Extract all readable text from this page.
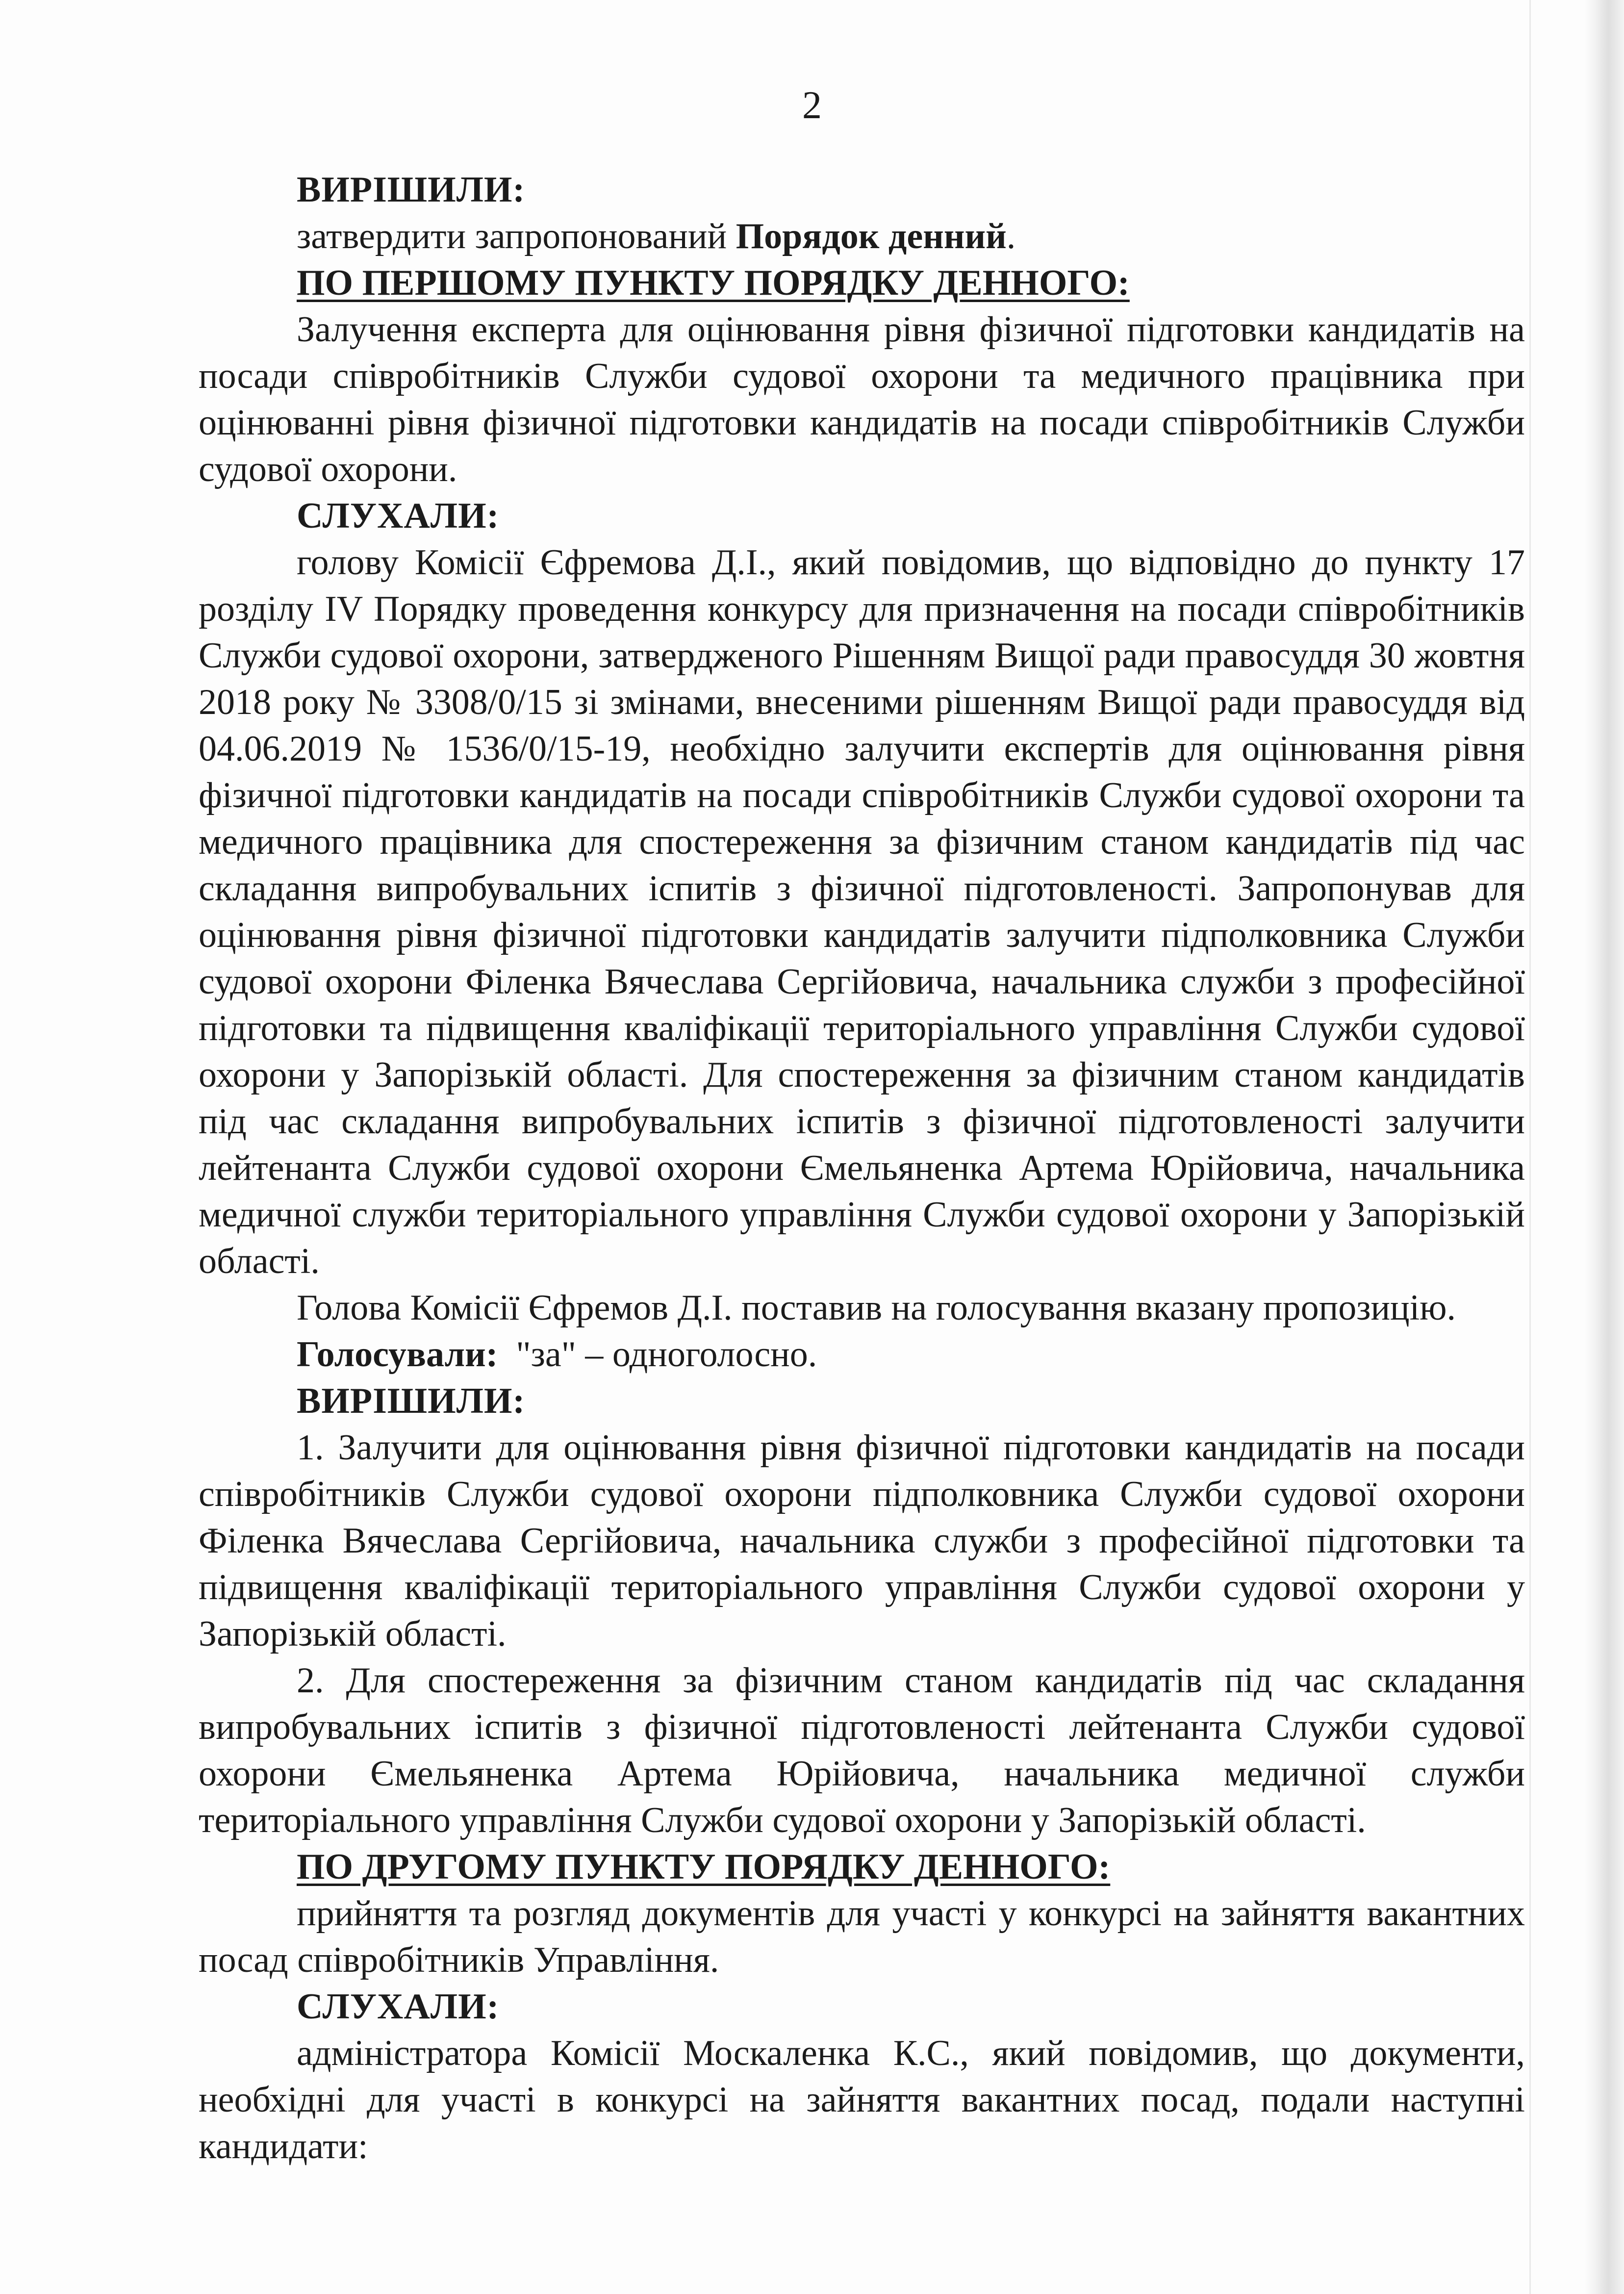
2

ВИРІШИЛИ:

затвердити запропонований Порядок денний.

ПО ПЕРШОМУ ПУНКТУ ПОРЯДКУ ДЕННОГО:

Залучення експерта для оцінювання рівня фізичної підготовки кандидатів на посади співробітників Служби судової охорони та медичного працівника при оцінюванні рівня фізичної підготовки кандидатів на посади співробітників Служби судової охорони.

СЛУХАЛИ:

голову Комісії Єфремова Д.І., який повідомив, що відповідно до пункту 17 розділу IV Порядку проведення конкурсу для призначення на посади співробітників Служби судової охорони, затвердженого Рішенням Вищої ради правосуддя 30 жовтня 2018 року № 3308/0/15 зі змінами, внесеними рішенням Вищої ради правосуддя від 04.06.2019 № 1536/0/15-19, необхідно залучити експертів для оцінювання рівня фізичної підготовки кандидатів на посади співробітників Служби судової охорони та медичного працівника для спостереження за фізичним станом кандидатів під час складання випробувальних іспитів з фізичної підготовленості. Запропонував для оцінювання рівня фізичної підготовки кандидатів залучити підполковника Служби судової охорони Філенка Вячеслава Сергійовича, начальника служби з професійної підготовки та підвищення кваліфікації територіального управління Служби судової охорони у Запорізькій області. Для спостереження за фізичним станом кандидатів під час складання випробувальних іспитів з фізичної підготовленості залучити лейтенанта Служби судової охорони Ємельяненка Артема Юрійовича, начальника медичної служби територіального управління Служби судової охорони у Запорізькій області.

Голова Комісії Єфремов Д.І. поставив на голосування вказану пропозицію.

Голосували: "за" – одноголосно.

ВИРІШИЛИ:

1. Залучити для оцінювання рівня фізичної підготовки кандидатів на посади співробітників Служби судової охорони підполковника Служби судової охорони Філенка Вячеслава Сергійовича, начальника служби з професійної підготовки та підвищення кваліфікації територіального управління Служби судової охорони у Запорізькій області.

2. Для спостереження за фізичним станом кандидатів під час складання випробувальних іспитів з фізичної підготовленості лейтенанта Служби судової охорони Ємельяненка Артема Юрійовича, начальника медичної служби територіального управління Служби судової охорони у Запорізькій області.

ПО ДРУГОМУ ПУНКТУ ПОРЯДКУ ДЕННОГО:

прийняття та розгляд документів для участі у конкурсі на зайняття вакантних посад співробітників Управління.

СЛУХАЛИ:

адміністратора Комісії Москаленка К.С., який повідомив, що документи, необхідні для участі в конкурсі на зайняття вакантних посад, подали наступні кандидати:
